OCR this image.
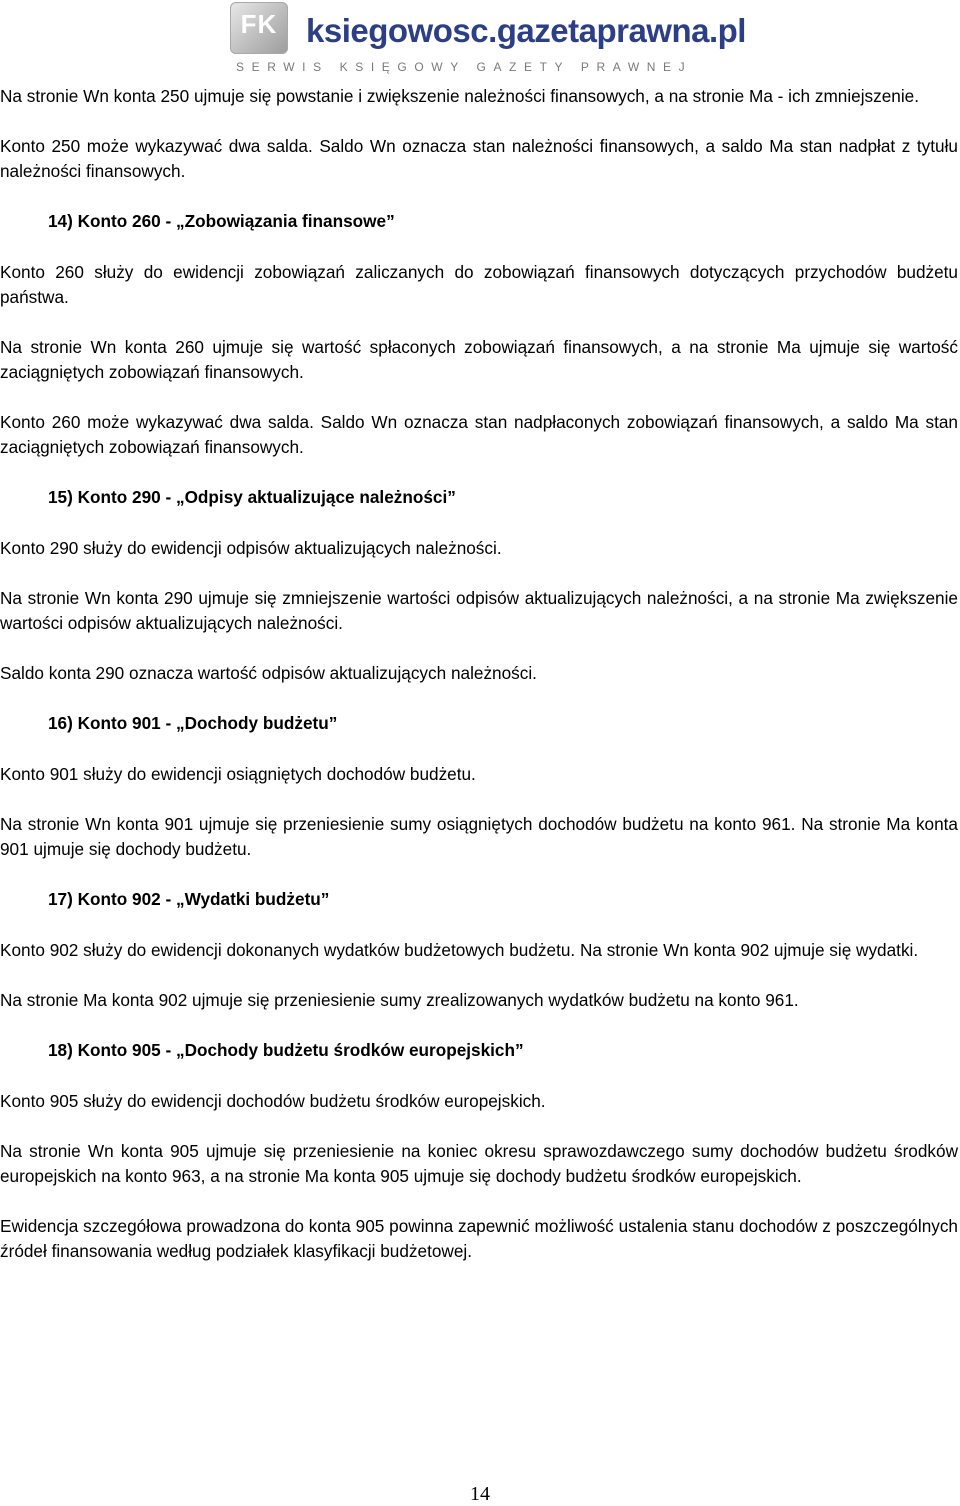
FK ksiegowosc.gazetaprawna.pl
SERWIS KSIĘGOWY GAZETY PRAWNEJ

Na stronie Wn konta 250 ujmuje się powstanie i zwiększenie należności finansowych, a na stronie Ma - ich zmniejszenie.

Konto 250 może wykazywać dwa salda. Saldo Wn oznacza stan należności finansowych, a saldo Ma stan nadpłat z tytułu należności finansowych.

14) Konto 260 - „Zobowiązania finansowe”

Konto 260 służy do ewidencji zobowiązań zaliczanych do zobowiązań finansowych dotyczących przychodów budżetu państwa.

Na stronie Wn konta 260 ujmuje się wartość spłaconych zobowiązań finansowych, a na stronie Ma ujmuje się wartość zaciągniętych zobowiązań finansowych.

Konto 260 może wykazywać dwa salda. Saldo Wn oznacza stan nadpłaconych zobowiązań finansowych, a saldo Ma stan zaciągniętych zobowiązań finansowych.

15) Konto 290 - „Odpisy aktualizujące należności”

Konto 290 służy do ewidencji odpisów aktualizujących należności.

Na stronie Wn konta 290 ujmuje się zmniejszenie wartości odpisów aktualizujących należności, a na stronie Ma zwiększenie wartości odpisów aktualizujących należności.

Saldo konta 290 oznacza wartość odpisów aktualizujących należności.

16) Konto 901 - „Dochody budżetu”

Konto 901 służy do ewidencji osiągniętych dochodów budżetu.

Na stronie Wn konta 901 ujmuje się przeniesienie sumy osiągniętych dochodów budżetu na konto 961. Na stronie Ma konta 901 ujmuje się dochody budżetu.

17) Konto 902 - „Wydatki budżetu”

Konto 902 służy do ewidencji dokonanych wydatków budżetowych budżetu. Na stronie Wn konta 902 ujmuje się wydatki.

Na stronie Ma konta 902 ujmuje się przeniesienie sumy zrealizowanych wydatków budżetu na konto 961.

18) Konto 905 - „Dochody budżetu środków europejskich”

Konto 905 służy do ewidencji dochodów budżetu środków europejskich.

Na stronie Wn konta 905 ujmuje się przeniesienie na koniec okresu sprawozdawczego sumy dochodów budżetu środków europejskich na konto 963, a na stronie Ma konta 905 ujmuje się dochody budżetu środków europejskich.

Ewidencja szczegółowa prowadzona do konta 905 powinna zapewnić możliwość ustalenia stanu dochodów z poszczególnych źródeł finansowania według podziałek klasyfikacji budżetowej.

14
